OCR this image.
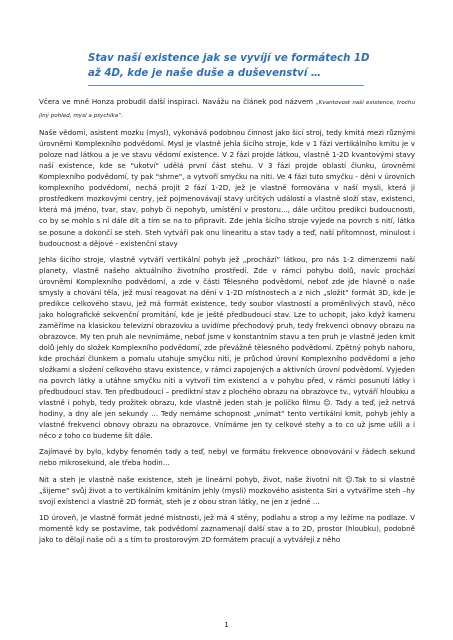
Stav naší existence jak se vyvíjí ve formátech 1D až 4D, kde je naše duše a duševenství …

Včera ve mně Honza probudil další inspiraci. Navážu na článek pod názvem „Kvantovost naší existence, trochu jiný pohled, mysl a psychika“.

Naše vědomí, asistent mozku (mysl), vykonává podobnou činnost jako šicí stroj, tedy kmitá mezi různými úrovněmi Komplexního podvědomí. Mysl je vlastně jehla šicího stroje, kde v 1 fázi vertikálního kmitu je v poloze nad látkou a je ve stavu vědomí existence. V 2 fázi projde látkou, vlastně 1-2D kvantovými stavy naší existence, kde se "ukotví" udělá první část stehu. V 3 fázi projde oblastí člunku, úrovněmi Komplexního podvědomí, ty pak "shrne", a vytvoří smyčku na niti. Ve 4 fázi tuto smyčku - děni v úrovních komplexního podvědomí, nechá projít 2 fází 1-2D, jež je vlastně formována v naší mysli, která ji prostředkem mozkovými centry, jež pojmenovávají stavy určitých událostí a vlastně složí stav, existenci, která má jméno, tvar, stav, pohyb či nepohyb, umístění v prostoru..., dále určitou predikci budoucnosti, co by se mohlo s ní dále dít a tím se na to připravit. Zde jehla šicího stroje vyjede na povrch s nití, látka se posune a dokončí se steh. Steh vytváří pak onu linearitu a stav tady a teď, naší přítomnost, minulost i budoucnost a dějové - existenční stavy

Jehla šicího stroje, vlastně vytváří vertikální pohyb jež „prochází“ látkou, pro nás 1-2 dimenzemi naší planety, vlastně našeho aktuálního životního prostředí. Zde v rámci pohybu dolů, navíc prochází úrovněmi Komplexního podvědomí, a zde v části Tělesného podvědomí, neboť zde jde hlavně o naše smysly a chování těla, jež musí reagovat na dění v 1-2D místnostech a z nich „složit“ formát 3D, kde je predikce celkového stavu, jež má formát existence, tedy soubor vlastností a proměnlivých stavů, něco jako holografické sekvenční promítání, kde je ještě předbudoucí stav. Lze to uchopit, jako když kameru zaměříme na klasickou televizní obrazovku a uvidíme přechodový pruh, tedy frekvenci obnovy obrazu na obrazovce. My ten pruh ale nevnímáme, neboť jsme v konstantním stavu a ten pruh je vlastně jeden kmit dolů jehly do složek Komplexního podvědomí, zde převážně tělesného podvědomí. Zpětný pohyb nahoru, kde prochází člunkem a pomalu utahuje smyčku nití, je průchod úrovní Komplexního podvědomí a jeho složkami a složení celkového stavu existence, v rámci zapojených a aktivních úrovní podvědomí. Vyjeden na povrch látky a utáhne smyčku niti a vytvoří tím existenci a v pohybu před, v rámci posunutí látky i předbudoucí stav. Ten předbudoucí – prediktní stav z plochého obrazu na obrazovce tv., vytváří hloubku a vlastně i pohyb, tedy prožitek obrazu, kde vlastně jeden stah je políčko filmu ☺. Tady a teď, jež netrvá hodiny, a dny ale jen sekundy … Tedy nemáme schopnost „vnímat“ tento vertikální kmit, pohyb jehly a vlastně frekvenci obnovy obrazu na obrazovce. Vnímáme jen ty celkové stehy a to co už jsme ušili a i něco z toho co budeme šít dále.

Zajímavé by bylo, kdyby fenomén tady a teď, nebyl ve formátu frekvence obnovování v řádech sekund nebo mikrosekund, ale třeba hodin…

Nit a steh je vlastně naše existence, steh je lineární pohyb, život, naše životní nit ☺.Tak to si vlastně „šijeme“ svůj život a to vertikálním kmitáním jehly (mysli) mozkového asistenta Siri a vytváříme steh –hy svojí existenci a vlastně 2D formát, steh je z obou stran látky, ne jen z jedné …

1D úroveň, je vlastně formát jedné místnosti, jež má 4 stěny, podlahu a strop a my ležíme na podlaze. V momentě kdy se postavíme, tak podvědomí zaznamenají další stav a to 2D, prostor (hloubku), podobně jako to dělají naše oči a s tím to prostorovým 2D formátem pracují a vytvářejí z něho

1
